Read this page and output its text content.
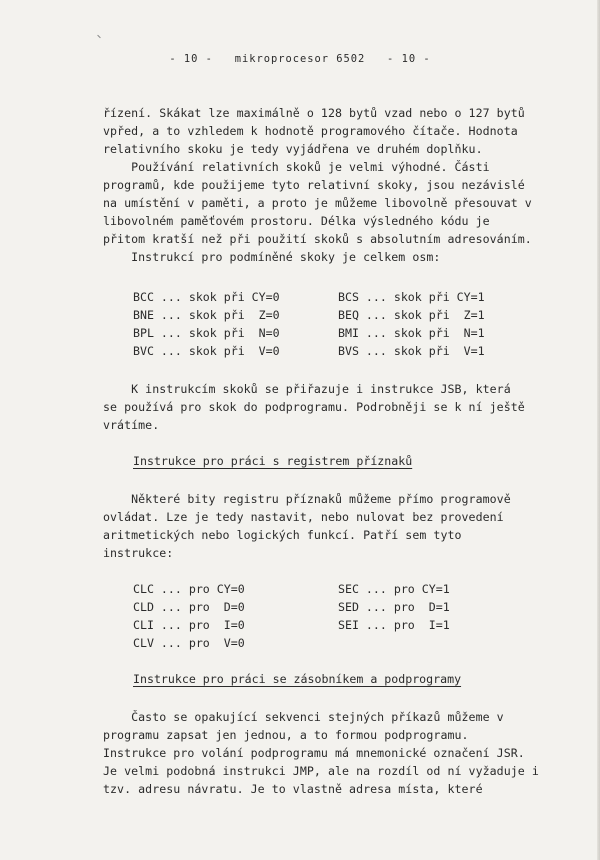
- 10 -   mikroprocesor 6502   - 10 -
řízení. Skákat lze maximálně o 128 bytů vzad nebo o 127 bytů
vpřed, a to vzhledem k hodnotě programového čítače. Hodnota
relativního skoku je tedy vyjádřena ve druhém doplňku.
Používání relativních skoků je velmi výhodné. Části
programů, kde použijeme tyto relativní skoky, jsou nezávislé
na umístění v paměti, a proto je můžeme libovolně přesouvat v
libovolném paměťovém prostoru. Délka výsledného kódu je
přitom kratší než při použití skoků s absolutním adresováním.
Instrukcí pro podmíněné skoky je celkem osm:
BCC ... skok při CY=0
BNE ... skok při  Z=0
BPL ... skok při  N=0
BVC ... skok při  V=0
BCS ... skok při CY=1
BEQ ... skok při  Z=1
BMI ... skok při  N=1
BVS ... skok při  V=1
K instrukcím skoků se přiřazuje i instrukce JSB, která
se používá pro skok do podprogramu. Podrobněji se k ní ještě
vrátíme.
Instrukce pro práci s registrem příznaků
Některé bity registru příznaků můžeme přímo programově
ovládat. Lze je tedy nastavit, nebo nulovat bez provedení
aritmetických nebo logických funkcí. Patří sem tyto
instrukce:
CLC ... pro CY=0
CLD ... pro  D=0
CLI ... pro  I=0
CLV ... pro  V=0
SEC ... pro CY=1
SED ... pro  D=1
SEI ... pro  I=1
Instrukce pro práci se zásobníkem a podprogramy
Často se opakující sekvenci stejných příkazů můžeme v
programu zapsat jen jednou, a to formou podprogramu.
Instrukce pro volání podprogramu má mnemonické označení JSR.
Je velmi podobná instrukci JMP, ale na rozdíl od ní vyžaduje i
tzv. adresu návratu. Je to vlastně adresa místa, které
